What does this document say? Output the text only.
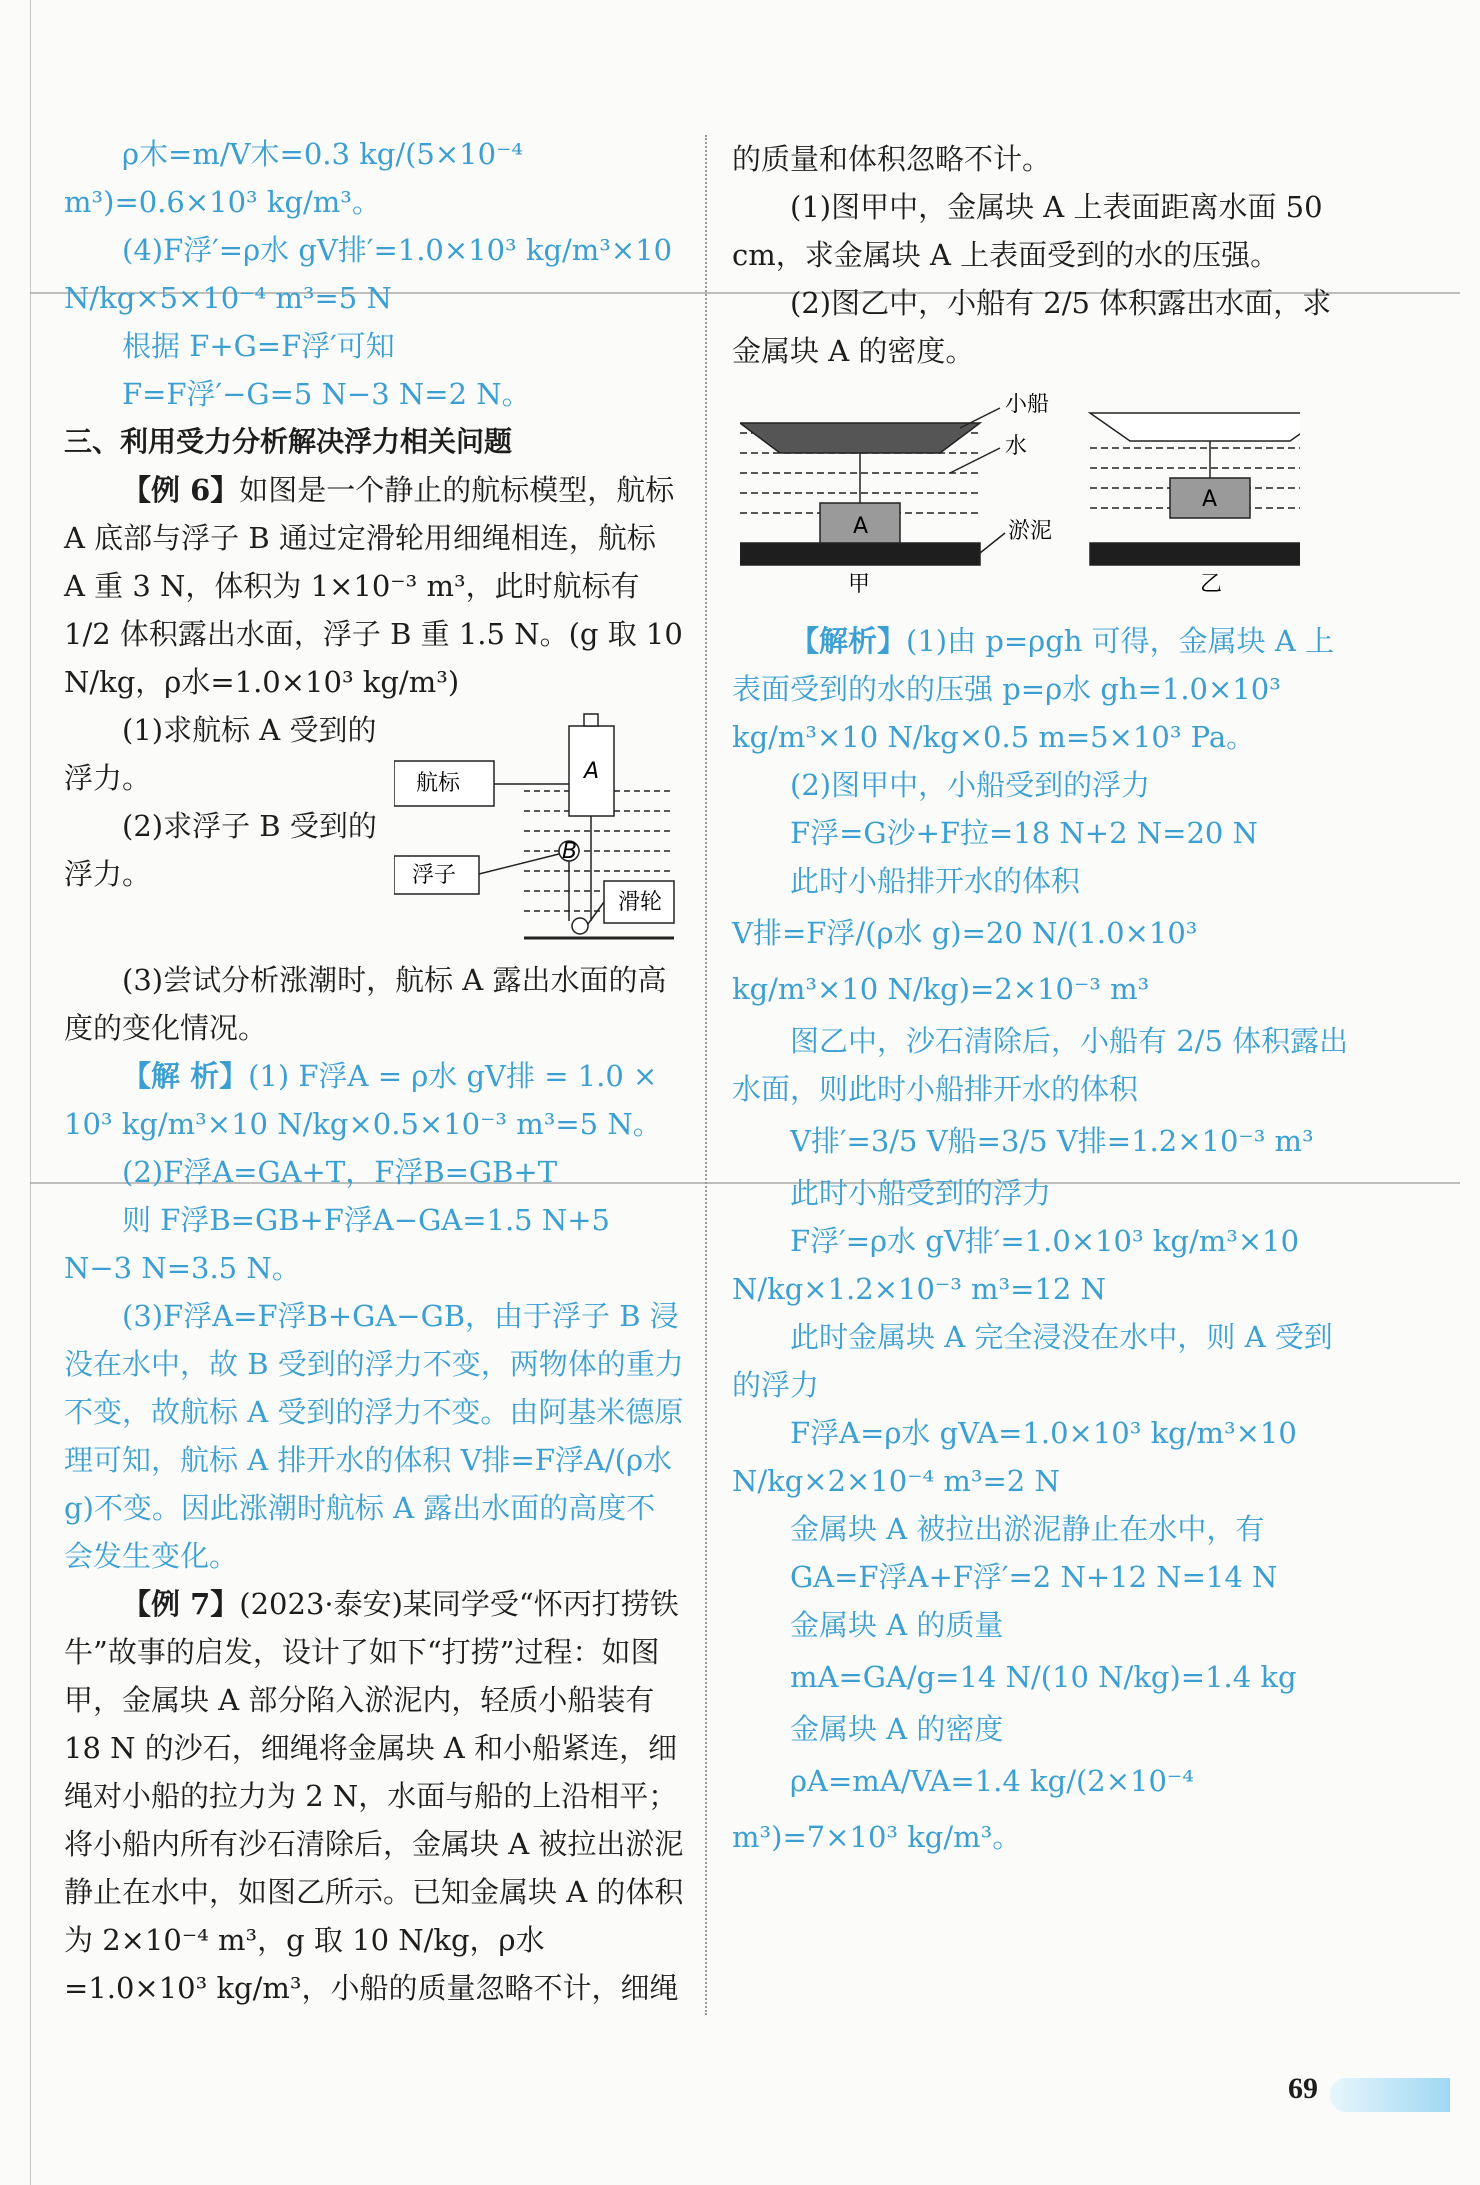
ρ木=m/V木=0.3 kg/(5×10⁻⁴ m³)=0.6×10³ kg/m³。

(4)F浮′=ρ水 gV排′=1.0×10³ kg/m³×10 N/kg×5×10⁻⁴ m³=5 N

根据 F+G=F浮′可知

F=F浮′−G=5 N−3 N=2 N。

三、利用受力分析解决浮力相关问题

【例 6】如图是一个静止的航标模型，航标 A 底部与浮子 B 通过定滑轮用细绳相连，航标 A 重 3 N，体积为 1×10⁻³ m³，此时航标有 1/2 体积露出水面，浮子 B 重 1.5 N。(g 取 10 N/kg，ρ水=1.0×10³ kg/m³)

(1)求航标 A 受到的浮力。

(2)求浮子 B 受到的浮力。

航标	A
B
浮子
滑轮

(3)尝试分析涨潮时，航标 A 露出水面的高度的变化情况。

【解 析】(1) F浮A = ρ水 gV排 = 1.0 × 10³ kg/m³×10 N/kg×0.5×10⁻³ m³=5 N。

(2)F浮A=GA+T，F浮B=GB+T

则 F浮B=GB+F浮A−GA=1.5 N+5 N−3 N=3.5 N。

(3)F浮A=F浮B+GA−GB，由于浮子 B 浸没在水中，故 B 受到的浮力不变，两物体的重力不变，故航标 A 受到的浮力不变。由阿基米德原理可知，航标 A 排开水的体积 V排=F浮A/(ρ水 g)不变。因此涨潮时航标 A 露出水面的高度不会发生变化。

【例 7】(2023·泰安)某同学受“怀丙打捞铁牛”故事的启发，设计了如下“打捞”过程：如图甲，金属块 A 部分陷入淤泥内，轻质小船装有 18 N 的沙石，细绳将金属块 A 和小船紧连，细绳对小船的拉力为 2 N，水面与船的上沿相平；将小船内所有沙石清除后，金属块 A 被拉出淤泥静止在水中，如图乙所示。已知金属块 A 的体积为 2×10⁻⁴ m³，g 取 10 N/kg，ρ水=1.0×10³ kg/m³，小船的质量忽略不计，细绳

的质量和体积忽略不计。

(1)图甲中，金属块 A 上表面距离水面 50 cm，求金属块 A 上表面受到的水的压强。

(2)图乙中，小船有 2/5 体积露出水面，求金属块 A 的密度。

A
A
小船
水
淤泥
甲	乙

【解析】(1)由 p=ρgh 可得，金属块 A 上表面受到的水的压强 p=ρ水 gh=1.0×10³ kg/m³×10 N/kg×0.5 m=5×10³ Pa。

(2)图甲中，小船受到的浮力

F浮=G沙+F拉=18 N+2 N=20 N

此时小船排开水的体积

V排=F浮/(ρ水 g)=20 N/(1.0×10³ kg/m³×10 N/kg)=2×10⁻³ m³

图乙中，沙石清除后，小船有 2/5 体积露出水面，则此时小船排开水的体积

V排′=3/5 V船=3/5 V排=1.2×10⁻³ m³

此时小船受到的浮力

F浮′=ρ水 gV排′=1.0×10³ kg/m³×10 N/kg×1.2×10⁻³ m³=12 N

此时金属块 A 完全浸没在水中，则 A 受到的浮力

F浮A=ρ水 gVA=1.0×10³ kg/m³×10 N/kg×2×10⁻⁴ m³=2 N

金属块 A 被拉出淤泥静止在水中，有

GA=F浮A+F浮′=2 N+12 N=14 N

金属块 A 的质量

mA=GA/g=14 N/(10 N/kg)=1.4 kg

金属块 A 的密度

ρA=mA/VA=1.4 kg/(2×10⁻⁴ m³)=7×10³ kg/m³。

69
